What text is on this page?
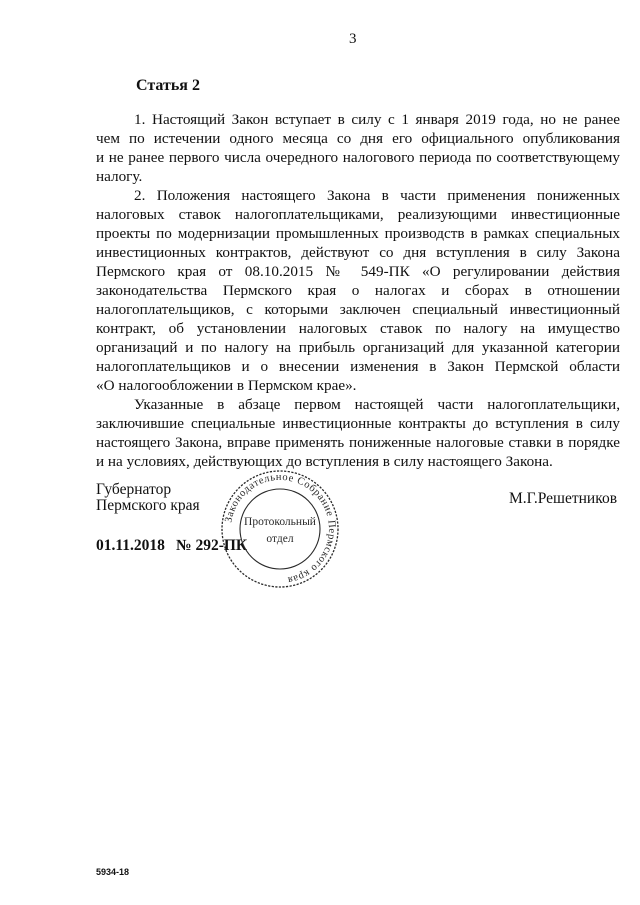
3
Статья 2
1. Настоящий Закон вступает в силу с 1 января 2019 года, но не ранее
чем по истечении одного месяца со дня его официального опубликования
и не ранее первого числа очередного налогового периода по соответствующему
налогу.
2. Положения настоящего Закона в части применения пониженных
налоговых ставок налогоплательщиками, реализующими инвестиционные
проекты по модернизации промышленных производств в рамках специальных
инвестиционных контрактов, действуют со дня вступления в силу Закона
Пермского края от 08.10.2015 № 549-ПК «О регулировании действия
законодательства Пермского края о налогах и сборах в отношении
налогоплательщиков, с которыми заключен специальный инвестиционный
контракт, об установлении налоговых ставок по налогу на имущество
организаций и по налогу на прибыль организаций для указанной категории
налогоплательщиков и о внесении изменения в Закон Пермской области
«О налогообложении в Пермском крае».
Указанные в абзаце первом настоящей части налогоплательщики,
заключившие специальные инвестиционные контракты до вступления в силу
настоящего Закона, вправе применять пониженные налоговые ставки в порядке
и на условиях, действующих до вступления в силу настоящего Закона.
Губернатор
Пермского края	М.Г.Решетников
01.11.2018 № 292-ПК
Законодательное Собрание Пермского края
Протокольный
отдел
5934-18
